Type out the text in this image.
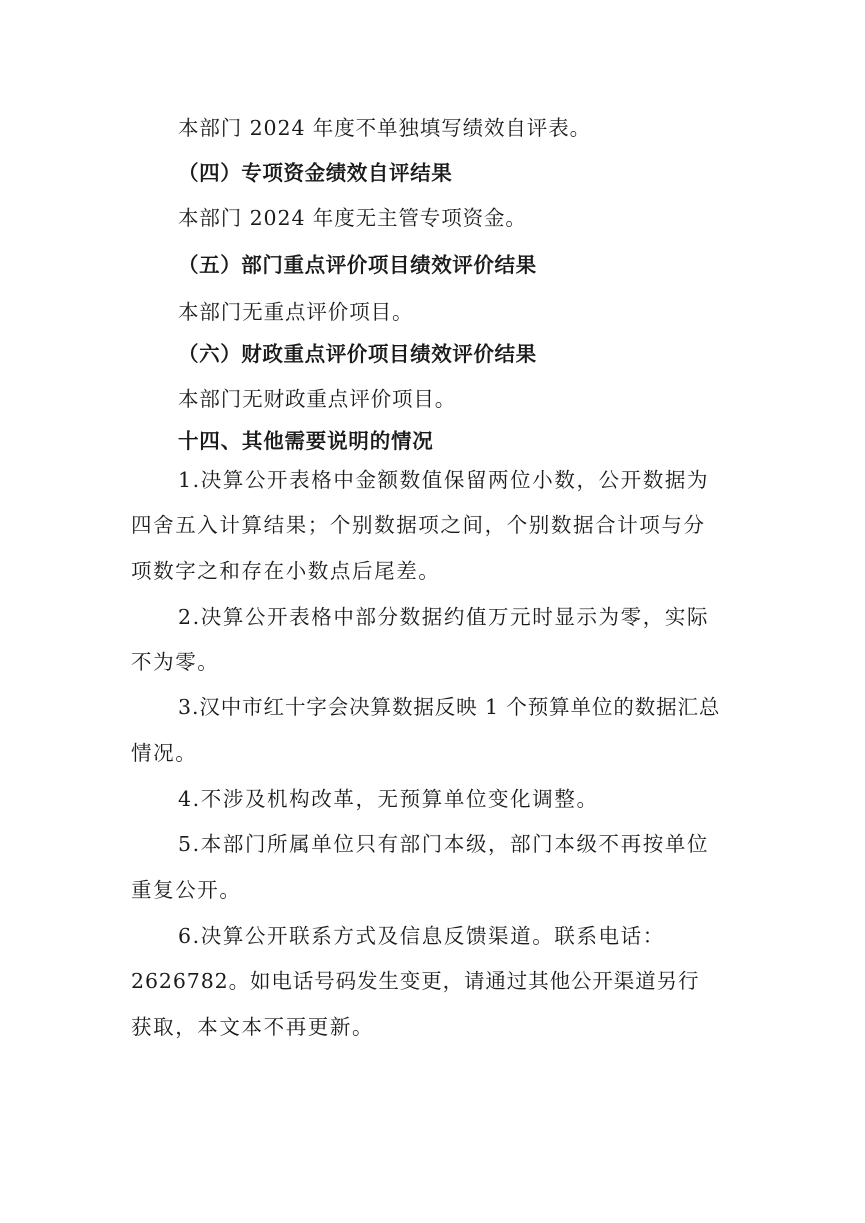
本部门 2024 年度不单独填写绩效自评表。
（四）专项资金绩效自评结果
本部门 2024 年度无主管专项资金。
（五）部门重点评价项目绩效评价结果
本部门无重点评价项目。
（六）财政重点评价项目绩效评价结果
本部门无财政重点评价项目。
十四、其他需要说明的情况
1.决算公开表格中金额数值保留两位小数，公开数据为
四舍五入计算结果；个别数据项之间，个别数据合计项与分
项数字之和存在小数点后尾差。
2.决算公开表格中部分数据约值万元时显示为零，实际
不为零。
3.汉中市红十字会决算数据反映 1 个预算单位的数据汇总
情况。
4.不涉及机构改革，无预算单位变化调整。
5.本部门所属单位只有部门本级，部门本级不再按单位
重复公开。
6.决算公开联系方式及信息反馈渠道。联系电话：
2626782。如电话号码发生变更，请通过其他公开渠道另行
获取，本文本不再更新。
